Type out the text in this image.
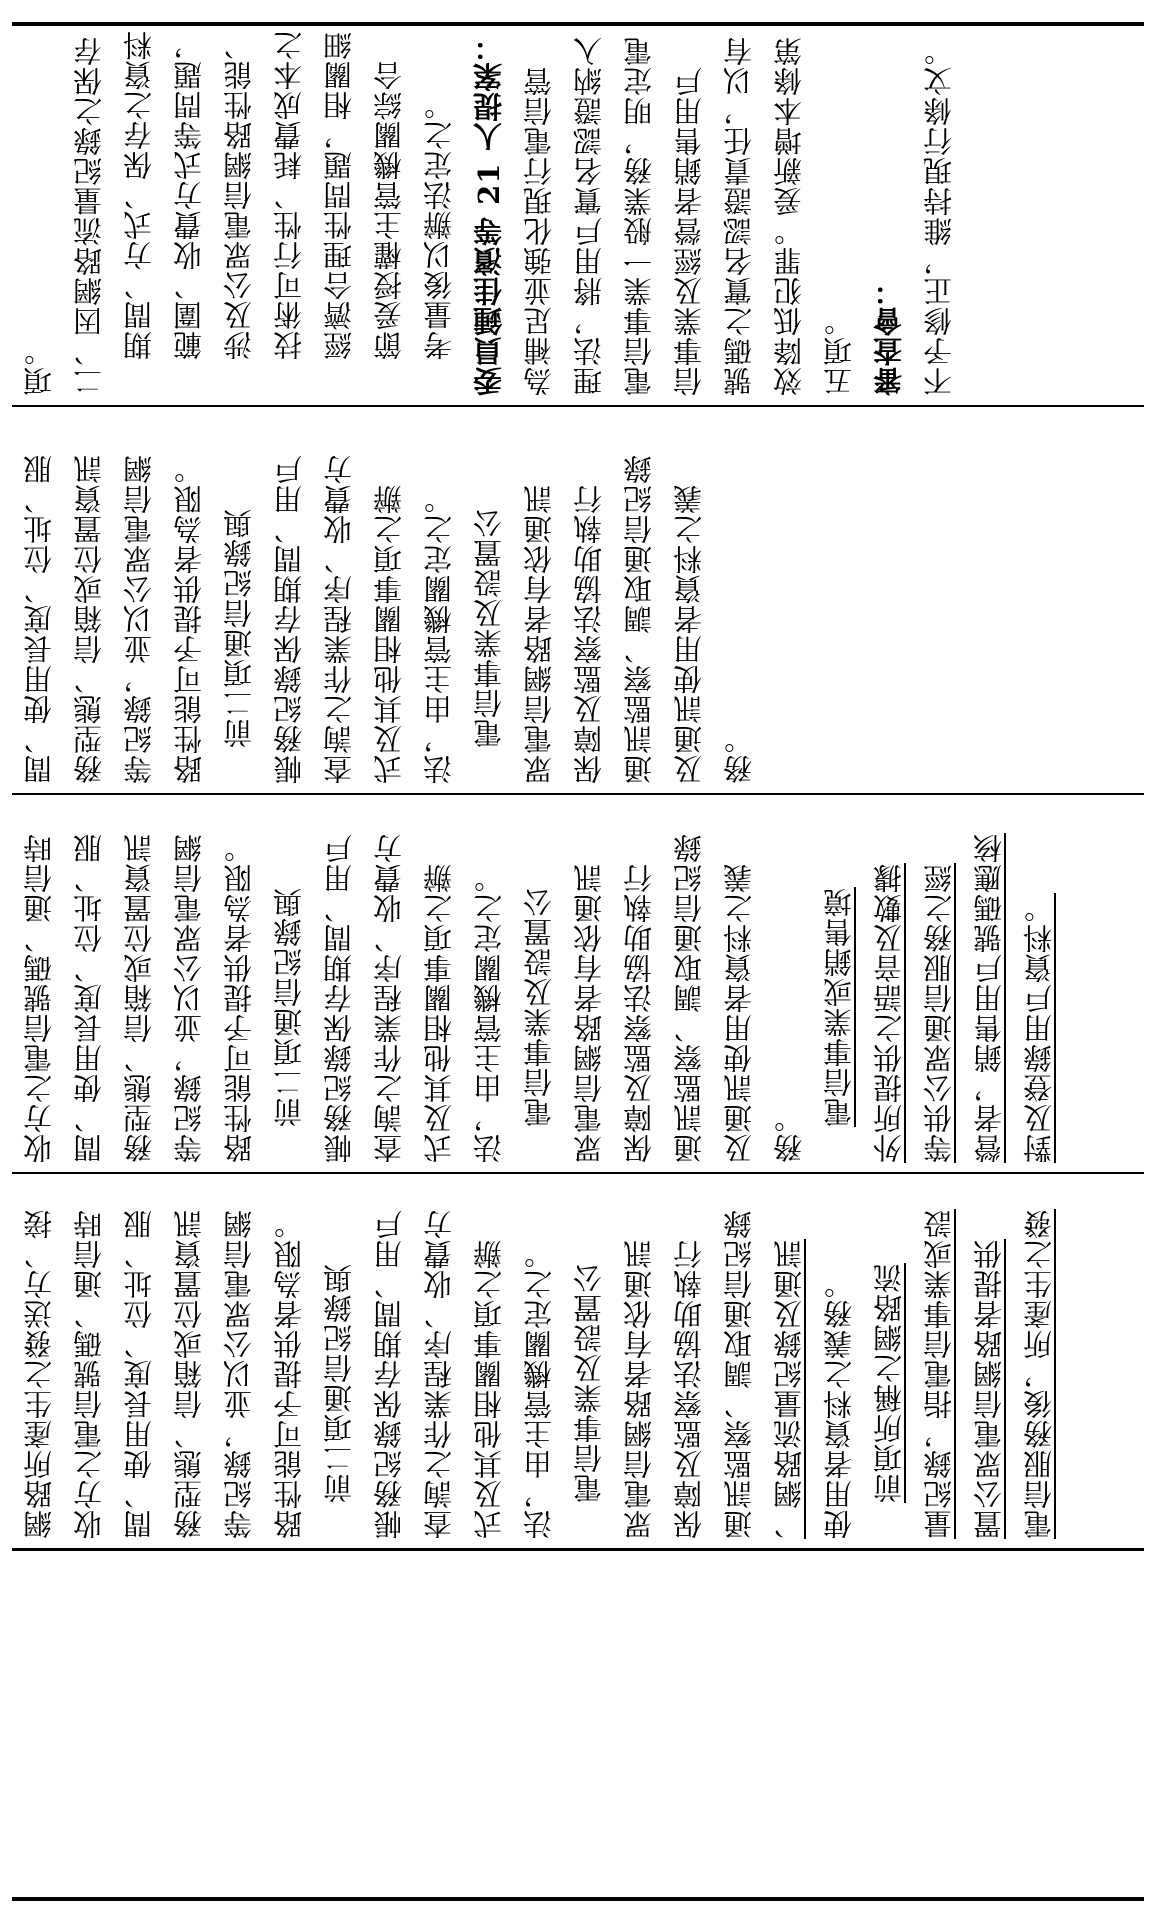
項。 二、因網路流量紀錄之保存 期間、方式、保存之資料 範圍、收費方式等問題， 涉及公眾電信網路性能、 技術可行性、耗費成本之 經濟合理性問題，相關細 節爰授權主管機關綜合 考量後以辦法定之。 委員鍾佳濱等 21 人提案： 為補足並強化現行電信管 理法，將用戶實名認證納入 電信事業一般業務，明定電 信事業及經營者銷售用戶 號碼之實名認證責任，以有 效降低犯罪。爰新增本條第 五項。 審查會： 不予修正，維持現行條文。
間、使用長度、位址、服 務型態、信箱或位置資訊 等紀錄，並以公眾電信網 路性能可予提供者為限。 前二項通信紀錄與 帳務紀錄保存期間、用戶 查詢之作業程序、收費方 式及其他相關事項之辦 法，由主管機關定之。 電信事業及設置公 眾電信網路者有依通訊 保障及監察法協助執行 通訊監察、調取通信紀錄 及通訊使用者資料之義 務。
收方之電信號碼、通信時 間、使用長度、位址、服 務型態、信箱或位置資訊 等紀錄，並以公眾電信網 路性能可予提供者為限。 前二項通信紀錄與 帳務紀錄保存期間、用戶 查詢之作業程序、收費方 式及其他相關事項之辦 法，由主管機關定之。 電信事業及設置公 眾電信網路者有依通訊 保障及監察法協助執行 通訊監察、調取通信紀錄 及通訊使用者資料之義 務。
電信事業或銷售境 外所提供之語音及數據 等供公眾通信服務之經 營者，銷售用戶號碼應核 對及登錄用戶資料。
網路所產生之發送方、接 收方之電信號碼、通信時 間、使用長度、位址、服 務型態、信箱或位置資訊 等紀錄，並以公眾電信網 路性能可予提供者為限。 前二項通信紀錄與 帳務紀錄保存期間、用戶 查詢之作業程序、收費方 式及其他相關事項之辦 法，由主管機關定之。 電信事業及設置公 眾電信網路者有依通訊 保障及監察法協助執行 通訊監察、調取通信紀錄 、網路流量紀錄及通訊 使用者資料之義務。 前項所稱之網路流 量紀錄，指電信事業或設 置公眾電信網路者提供 電信服務後，所產生之發
